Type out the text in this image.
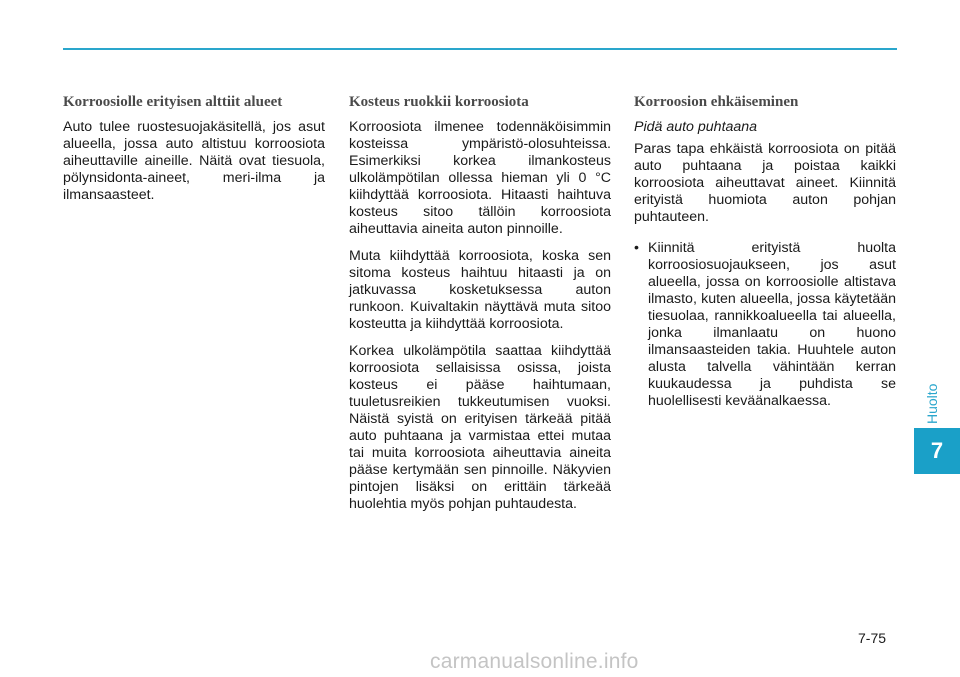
Korroosiolle erityisen alttiit alueet

Auto tulee ruostesuojakäsitellä, jos asut alueella, jossa auto altistuu korroosiota aiheuttaville aineille. Näitä ovat tiesuola, pölynsidonta-aineet, meri-ilma ja ilmansaasteet.

Kosteus ruokkii korroosiota

Korroosiota ilmenee todennäköisimmin kosteissa ympäristö-olosuhteissa. Esimerkiksi korkea ilmankosteus ulkolämpötilan ollessa hieman yli 0 °C kiihdyttää korroosiota. Hitaasti haihtuva kosteus sitoo tällöin korroosiota aiheuttavia aineita auton pinnoille.

Muta kiihdyttää korroosiota, koska sen sitoma kosteus haihtuu hitaasti ja on jatkuvassa kosketuksessa auton runkoon. Kuivaltakin näyttävä muta sitoo kosteutta ja kiihdyttää korroosiota.

Korkea ulkolämpötila saattaa kiihdyttää korroosiota sellaisissa osissa, joista kosteus ei pääse haihtumaan, tuuletusreikien tukkeutumisen vuoksi. Näistä syistä on erityisen tärkeää pitää auto puhtaana ja varmistaa ettei mutaa tai muita korroosiota aiheuttavia aineita pääse kertymään sen pinnoille. Näkyvien pintojen lisäksi on erittäin tärkeää huolehtia myös pohjan puhtaudesta.

Korroosion ehkäiseminen

Pidä auto puhtaana

Paras tapa ehkäistä korroosiota on pitää auto puhtaana ja poistaa kaikki korroosiota aiheuttavat aineet. Kiinnitä erityistä huomiota auton pohjan puhtauteen.

• Kiinnitä erityistä huolta korroosiosuojaukseen, jos asut alueella, jossa on korroosiolle altistava ilmasto, kuten alueella, jossa käytetään tiesuolaa, rannikkoalueella tai alueella, jonka ilmanlaatu on huono ilmansaasteiden takia. Huuhtele auton alusta talvella vähintään kerran kuukaudessa ja puhdista se huolellisesti keväänalkaessa.	Huolto
7
7-75
carmanualsonline.info
